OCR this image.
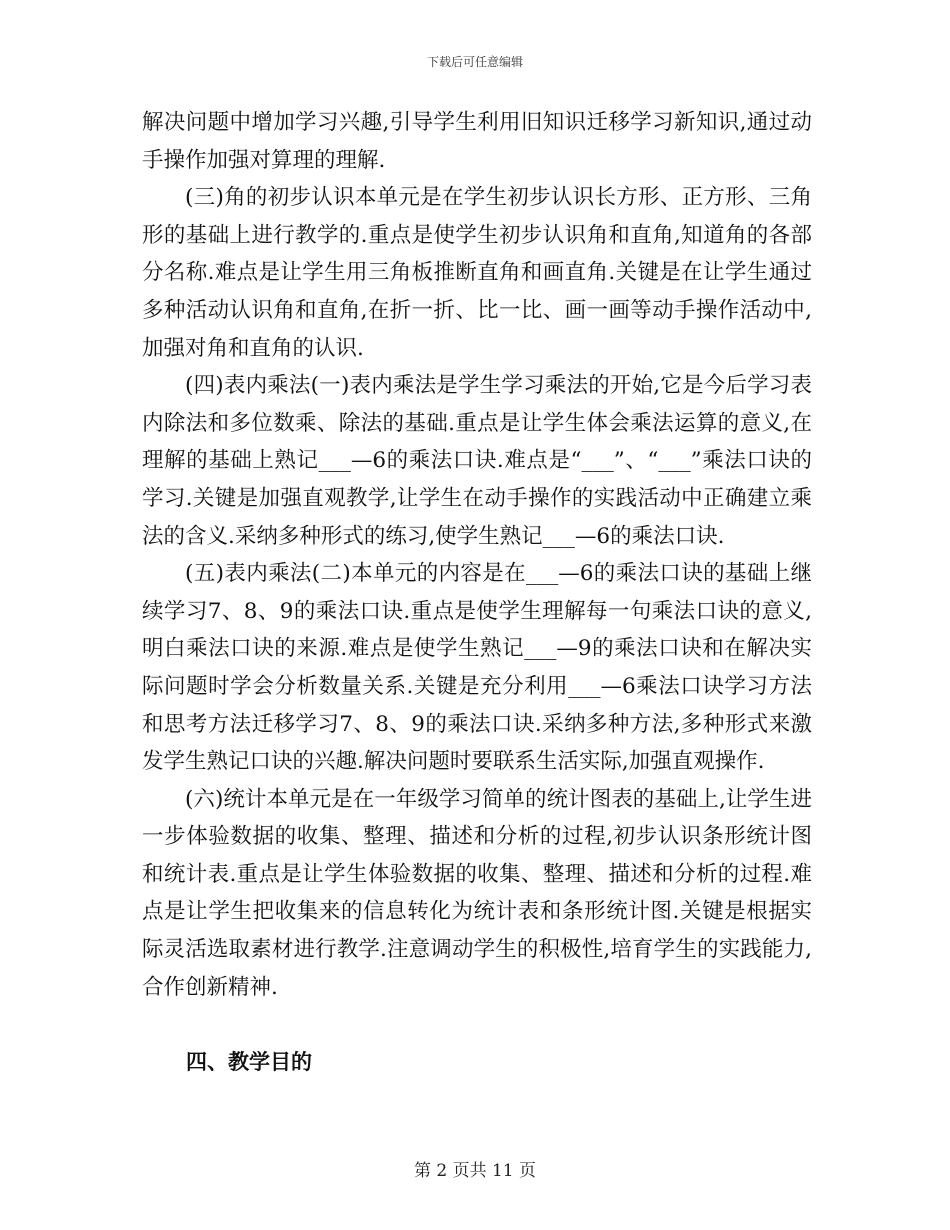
下载后可任意编辑

解决问题中增加学习兴趣,引导学生利用旧知识迁移学习新知识,通过动手操作加强对算理的理解.

(三)角的初步认识本单元是在学生初步认识长方形、正方形、三角形的基础上进行教学的.重点是使学生初步认识角和直角,知道角的各部分名称.难点是让学生用三角板推断直角和画直角.关键是在让学生通过多种活动认识角和直角,在折一折、比一比、画一画等动手操作活动中,加强对角和直角的认识.

(四)表内乘法(一)表内乘法是学生学习乘法的开始,它是今后学习表内除法和多位数乘、除法的基础.重点是让学生体会乘法运算的意义,在理解的基础上熟记___—6的乘法口诀.难点是“___”、“___”乘法口诀的学习.关键是加强直观教学,让学生在动手操作的实践活动中正确建立乘法的含义.采纳多种形式的练习,使学生熟记___—6的乘法口诀.

(五)表内乘法(二)本单元的内容是在___—6的乘法口诀的基础上继续学习7、8、9的乘法口诀.重点是使学生理解每一句乘法口诀的意义,明白乘法口诀的来源.难点是使学生熟记___—9的乘法口诀和在解决实际问题时学会分析数量关系.关键是充分利用___—6乘法口诀学习方法和思考方法迁移学习7、8、9的乘法口诀.采纳多种方法,多种形式来激发学生熟记口诀的兴趣.解决问题时要联系生活实际,加强直观操作.

(六)统计本单元是在一年级学习简单的统计图表的基础上,让学生进一步体验数据的收集、整理、描述和分析的过程,初步认识条形统计图和统计表.重点是让学生体验数据的收集、整理、描述和分析的过程.难点是让学生把收集来的信息转化为统计表和条形统计图.关键是根据实际灵活选取素材进行教学.注意调动学生的积极性,培育学生的实践能力,合作创新精神.

四、教学目的
第 2 页共 11 页
